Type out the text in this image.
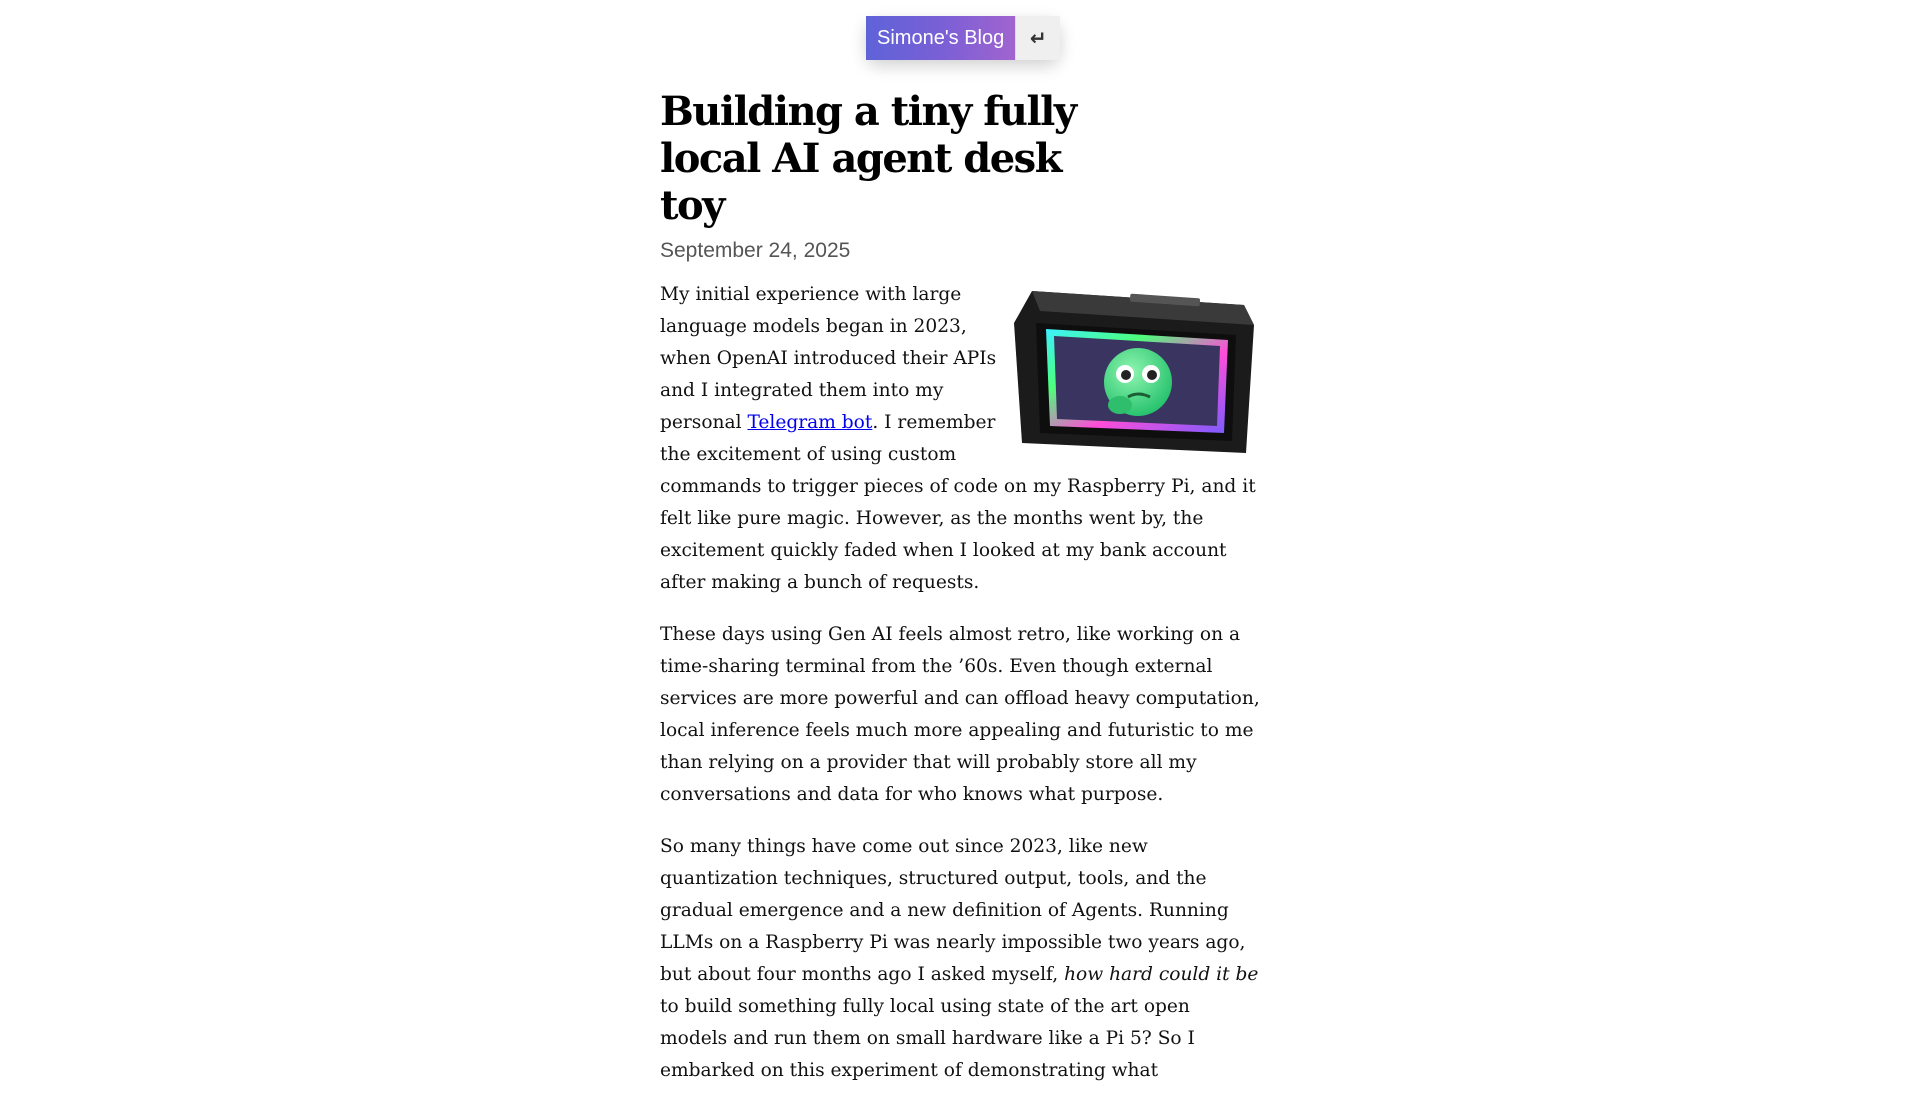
Simone's Blog	↵
Building a tiny fully local AI agent desk toy
September 24, 2025

My initial experience with large language models began in 2023, when OpenAI introduced their APIs and I integrated them into my personal Telegram bot. I remember the excitement of using custom commands to trigger pieces of code on my Raspberry Pi, and it felt like pure magic. However, as the months went by, the excitement quickly faded when I looked at my bank account after making a bunch of requests.

These days using Gen AI feels almost retro, like working on a time-sharing terminal from the ’60s. Even though external services are more powerful and can offload heavy computation, local inference feels much more appealing and futuristic to me than relying on a provider that will probably store all my conversations and data for who knows what purpose.

So many things have come out since 2023, like new quantization techniques, structured output, tools, and the gradual emergence and a new definition of Agents. Running LLMs on a Raspberry Pi was nearly impossible two years ago, but about four months ago I asked myself, how hard could it be to build something fully local using state of the art open models and run them on small hardware like a Pi 5? So I embarked on this experiment of demonstrating what
